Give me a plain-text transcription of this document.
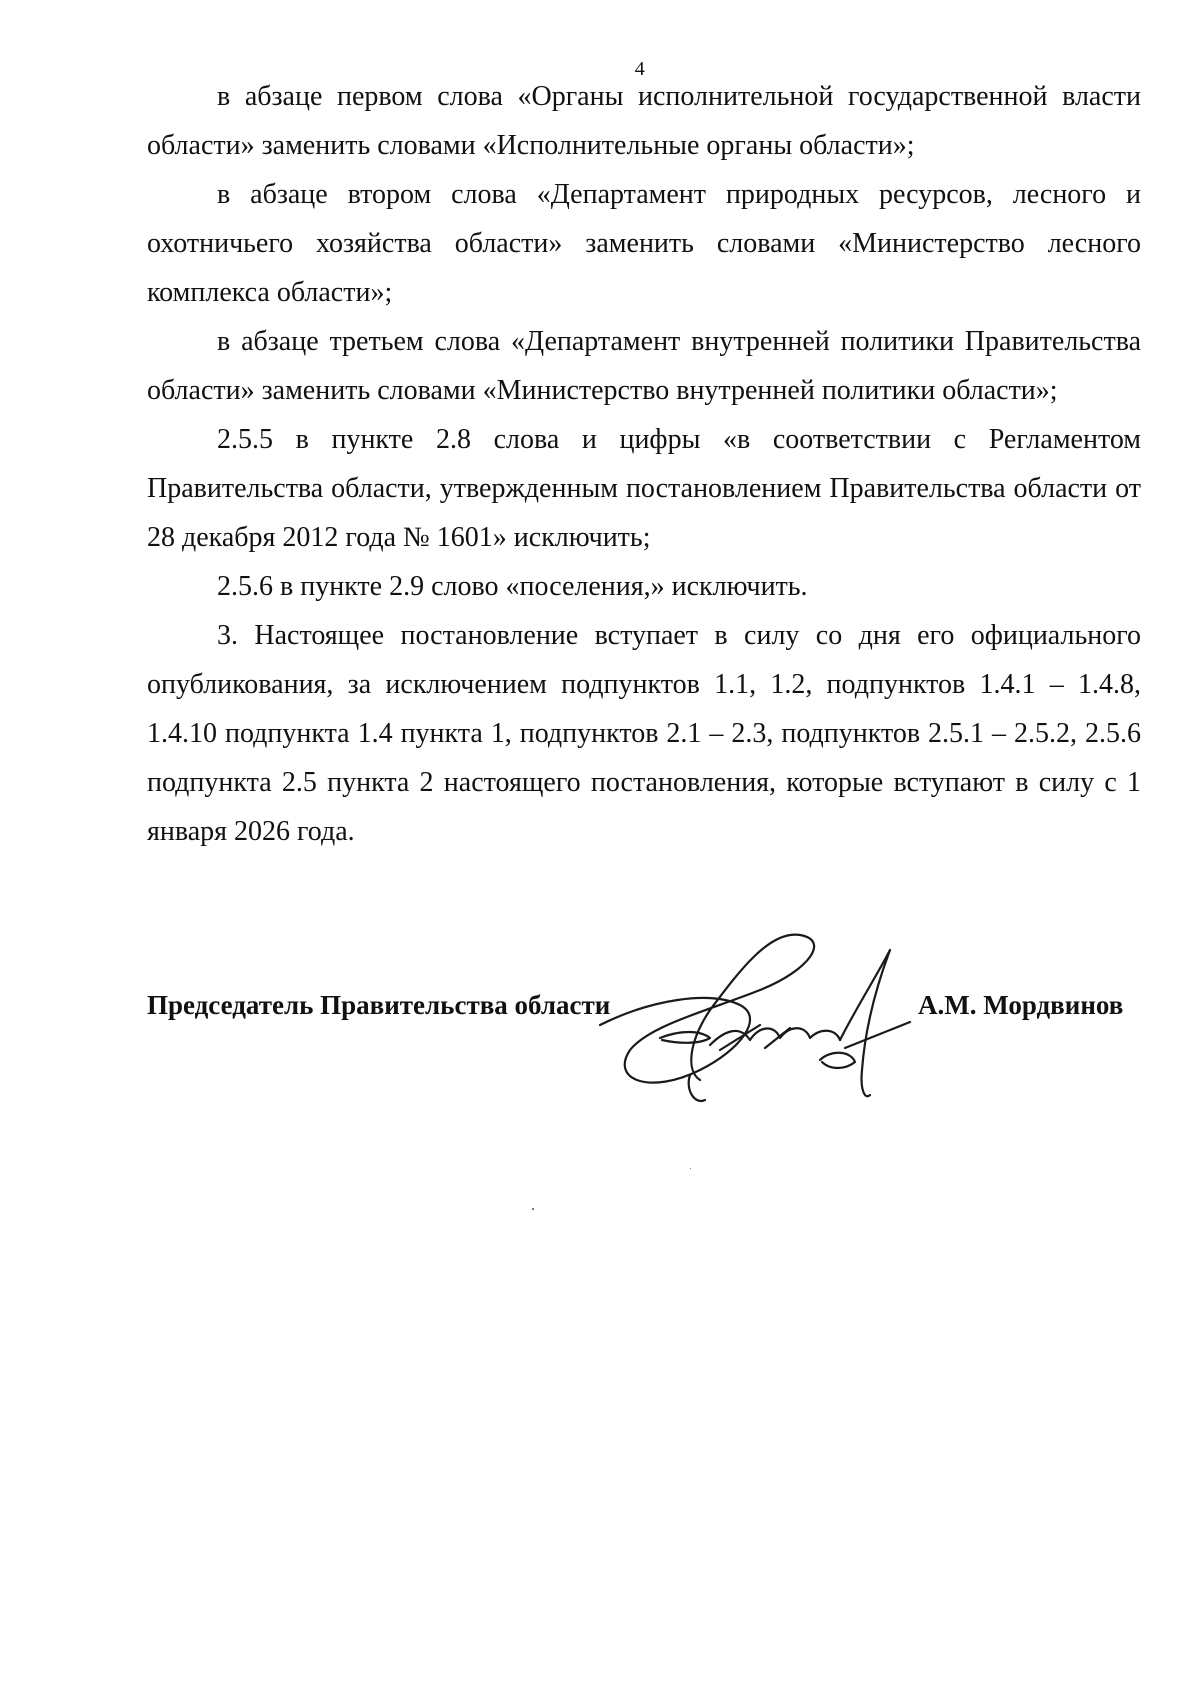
4

в абзаце первом слова «Органы исполнительной государственной власти области» заменить словами «Исполнительные органы области»;

в абзаце втором слова «Департамент природных ресурсов, лесного и охотничьего хозяйства области» заменить словами «Министерство лесного комплекса области»;

в абзаце третьем слова «Департамент внутренней политики Правительства области» заменить словами «Министерство внутренней политики области»;

2.5.5 в пункте 2.8 слова и цифры «в соответствии с Регламентом Правительства области, утвержденным постановлением Правительства области от 28 декабря 2012 года № 1601» исключить;

2.5.6 в пункте 2.9 слово «поселения,» исключить.

3. Настоящее постановление вступает в силу со дня его официального опубликования, за исключением подпунктов 1.1, 1.2, подпунктов 1.4.1 – 1.4.8, 1.4.10 подпункта 1.4 пункта 1, подпунктов 2.1 – 2.3, подпунктов 2.5.1 – 2.5.2, 2.5.6 подпункта 2.5 пункта 2 настоящего постановления, которые вступают в силу с 1 января 2026 года.

Председатель Правительства области	А.М. Мордвинов
